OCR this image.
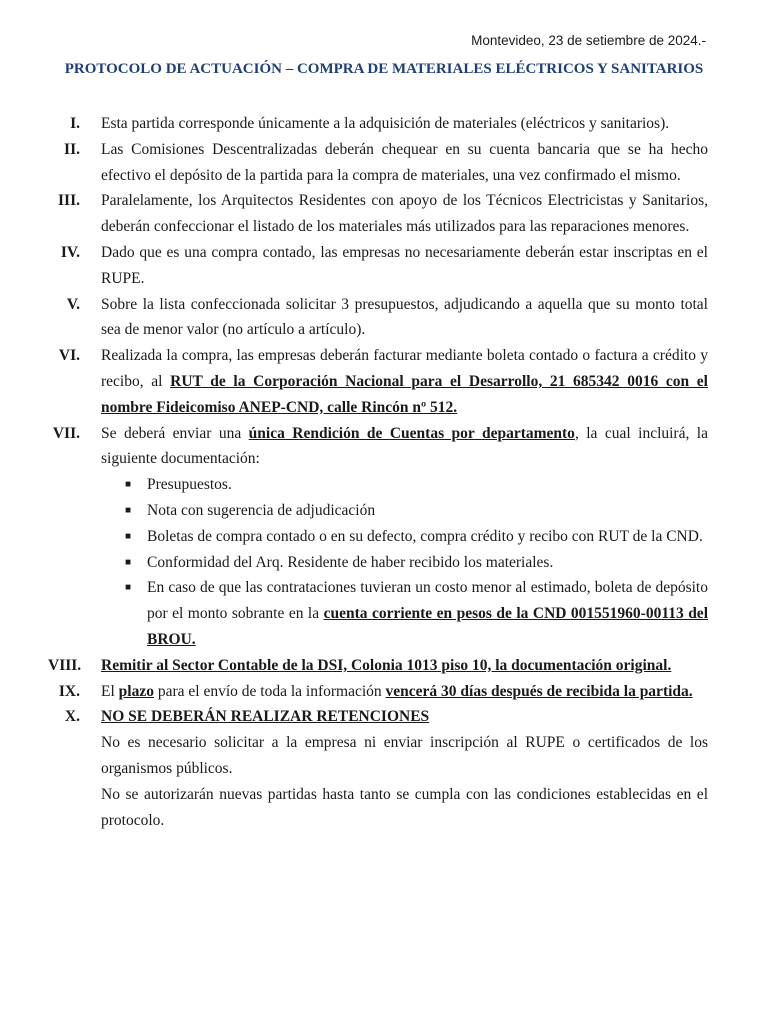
Montevideo, 23 de setiembre de 2024.-
PROTOCOLO DE ACTUACIÓN – COMPRA DE MATERIALES ELÉCTRICOS Y SANITARIOS
I. Esta partida corresponde únicamente a la adquisición de materiales (eléctricos y sanitarios).
II. Las Comisiones Descentralizadas deberán chequear en su cuenta bancaria que se ha hecho efectivo el depósito de la partida para la compra de materiales, una vez confirmado el mismo.
III. Paralelamente, los Arquitectos Residentes con apoyo de los Técnicos Electricistas y Sanitarios, deberán confeccionar el listado de los materiales más utilizados para las reparaciones menores.
IV. Dado que es una compra contado, las empresas no necesariamente deberán estar inscriptas en el RUPE.
V. Sobre la lista confeccionada solicitar 3 presupuestos, adjudicando a aquella que su monto total sea de menor valor (no artículo a artículo).
VI. Realizada la compra, las empresas deberán facturar mediante boleta contado o factura a crédito y recibo, al RUT de la Corporación Nacional para el Desarrollo, 21 685342 0016 con el nombre Fideicomiso ANEP-CND, calle Rincón nº 512.
VII. Se deberá enviar una única Rendición de Cuentas por departamento, la cual incluirá, la siguiente documentación:
■	Presupuestos.
■	Nota con sugerencia de adjudicación
■	Boletas de compra contado o en su defecto, compra crédito y recibo con RUT de la CND.
■	Conformidad del Arq. Residente de haber recibido los materiales.
■	En caso de que las contrataciones tuvieran un costo menor al estimado, boleta de depósito por el monto sobrante en la cuenta corriente en pesos de la CND 001551960-00113 del BROU.
VIII. Remitir al Sector Contable de la DSI, Colonia 1013 piso 10, la documentación original.
IX. El plazo para el envío de toda la información vencerá 30 días después de recibida la partida.
X. NO SE DEBERÁN REALIZAR RETENCIONES
No es necesario solicitar a la empresa ni enviar inscripción al RUPE o certificados de los organismos públicos.
No se autorizarán nuevas partidas hasta tanto se cumpla con las condiciones establecidas en el protocolo.
